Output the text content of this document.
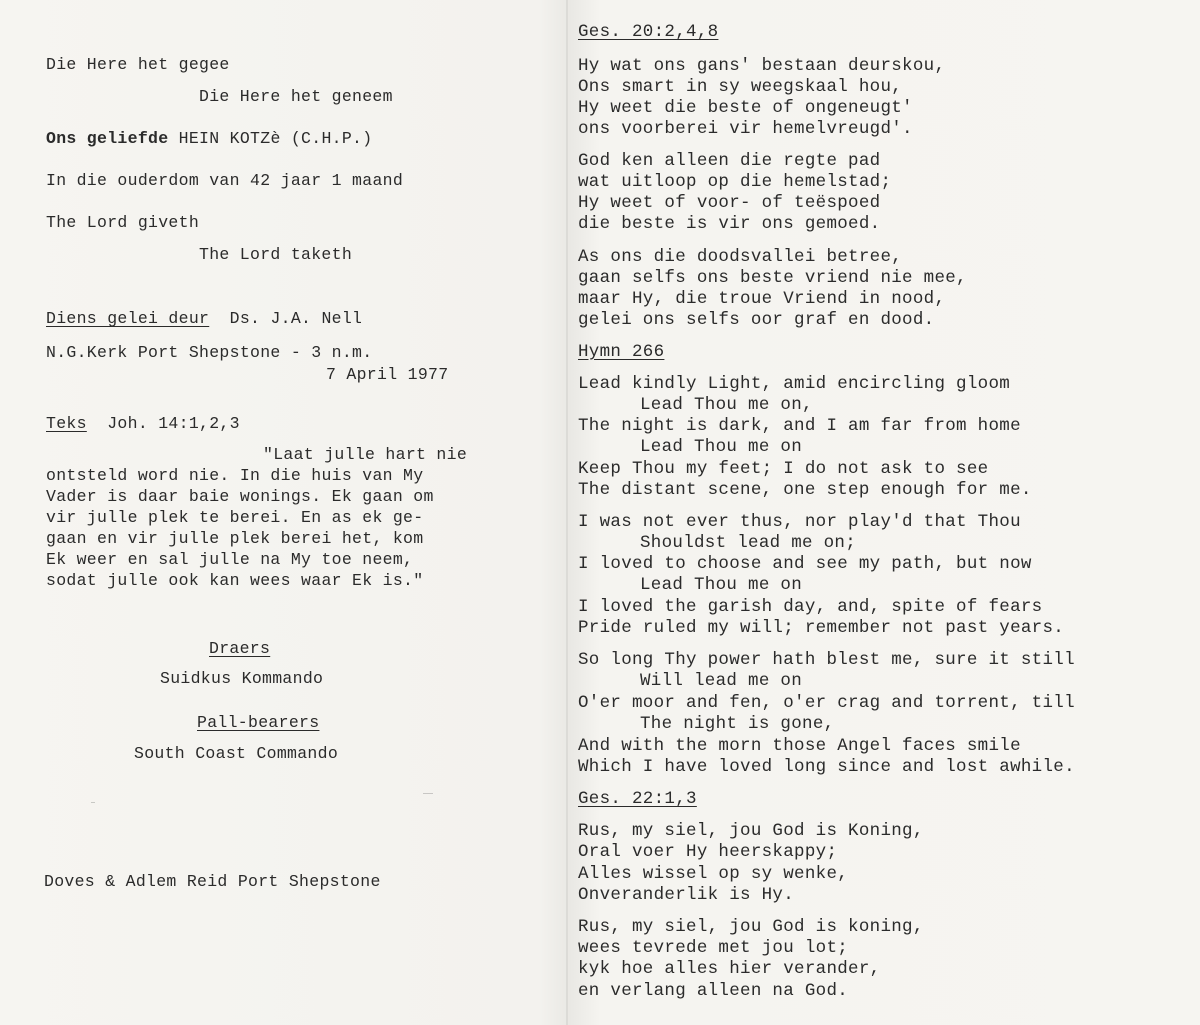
Die Here het gegee
Die Here het geneem
Ons geliefde HEIN KOTZè (C.H.P.)
In die ouderdom van 42 jaar 1 maand
The Lord giveth
The Lord taketh
Diens gelei deur Ds. J.A. Nell
N.G.Kerk Port Shepstone - 3 n.m.
7 April 1977
Teks Joh. 14:1,2,3
"Laat julle hart nie
ontsteld word nie. In die huis van My
Vader is daar baie wonings. Ek gaan om
vir julle plek te berei. En as ek ge-
gaan en vir julle plek berei het, kom
Ek weer en sal julle na My toe neem,
sodat julle ook kan wees waar Ek is."
Draers
Suidkus Kommando
Pall-bearers
South Coast Commando
Doves & Adlem Reid Port Shepstone
Ges. 20:2,4,8
Hy wat ons gans' bestaan deurskou,
Ons smart in sy weegskaal hou,
Hy weet die beste of ongeneugt'
ons voorberei vir hemelvreugd'.
God ken alleen die regte pad
wat uitloop op die hemelstad;
Hy weet of voor- of teëspoed
die beste is vir ons gemoed.
As ons die doodsvallei betree,
gaan selfs ons beste vriend nie mee,
maar Hy, die troue Vriend in nood,
gelei ons selfs oor graf en dood.
Hymn 266
Lead kindly Light, amid encircling gloom
Lead Thou me on,
The night is dark, and I am far from home
Lead Thou me on
Keep Thou my feet; I do not ask to see
The distant scene, one step enough for me.
I was not ever thus, nor play'd that Thou
Shouldst lead me on;
I loved to choose and see my path, but now
Lead Thou me on
I loved the garish day, and, spite of fears
Pride ruled my will; remember not past years.
So long Thy power hath blest me, sure it still
Will lead me on
O'er moor and fen, o'er crag and torrent, till
The night is gone,
And with the morn those Angel faces smile
Which I have loved long since and lost awhile.
Ges. 22:1,3
Rus, my siel, jou God is Koning,
Oral voer Hy heerskappy;
Alles wissel op sy wenke,
Onveranderlik is Hy.
Rus, my siel, jou God is koning,
wees tevrede met jou lot;
kyk hoe alles hier verander,
en verlang alleen na God.
